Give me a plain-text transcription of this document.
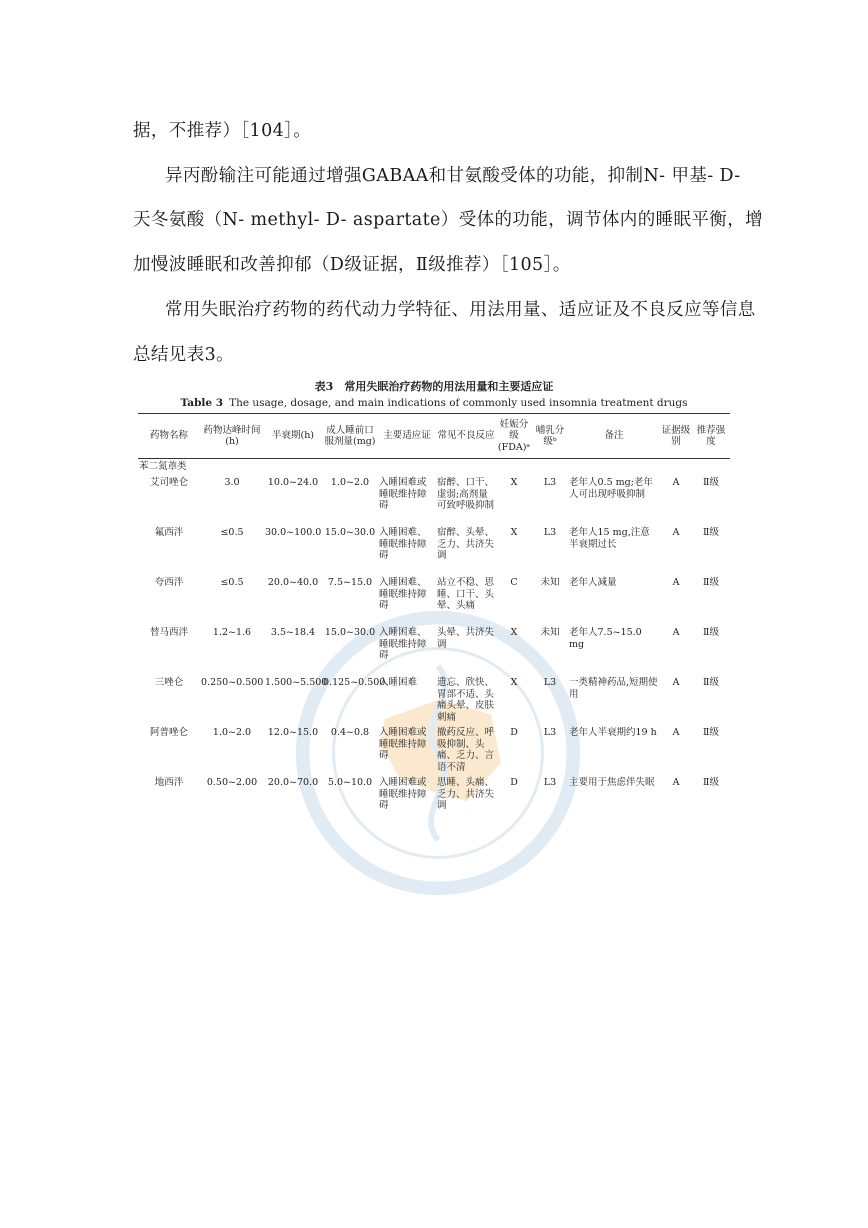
据，不推荐）［104］。
异丙酚输注可能通过增强GABAA和甘氨酸受体的功能，抑制N- 甲基- D-
天冬氨酸（N- methyl- D- aspartate）受体的功能，调节体内的睡眠平衡，增
加慢波睡眠和改善抑郁（D级证据，Ⅱ级推荐）［105］。
常用失眠治疗药物的药代动力学特征、用法用量、适应证及不良反应等信息
总结见表3。
表3　常用失眠治疗药物的用法用量和主要适应证
Table 3 The usage, dosage, and main indications of commonly used insomnia treatment drugs
药物名称	药物达峰时间(h)	半衰期(h)	成人睡前口服剂量(mg)	主要适应证	常见不良反应	妊娠分级(FDA)ᵃ	哺乳分级ᵇ	备注	证据级别	推荐强度
苯二氮䓬类										
艾司唑仑	3.0	10.0~24.0	1.0~2.0	入睡困难或睡眠维持障碍	宿醉、口干、虚弱;高剂量可致呼吸抑制	X	L3	老年人0.5 mg;老年人可出现呼吸抑制	A	Ⅱ级
氟西泮	≤0.5	30.0~100.0	15.0~30.0	入睡困难、睡眠维持障碍	宿醉、头晕、乏力、共济失调	X	L3	老年人15 mg,注意半衰期过长	A	Ⅱ级
夸西泮	≤0.5	20.0~40.0	7.5~15.0	入睡困难、睡眠维持障碍	站立不稳、思睡、口干、头晕、头痛	C	未知	老年人减量	A	Ⅱ级
替马西泮	1.2~1.6	3.5~18.4	15.0~30.0	入睡困难、睡眠维持障碍	头晕、共济失调	X	未知	老年人7.5~15.0 mg	A	Ⅱ级
三唑仑	0.250~0.500	1.500~5.500	0.125~0.500	入睡困难	遗忘、欣快、胃部不适、头痛头晕、皮肤刺痛	X	L3	一类精神药品,短期使用	A	Ⅱ级
阿普唑仑	1.0~2.0	12.0~15.0	0.4~0.8	入睡困难或睡眠维持障碍	撤药反应、呼吸抑制、头痛、乏力、言语不清	D	L3	老年人半衰期约19 h	A	Ⅱ级
地西泮	0.50~2.00	20.0~70.0	5.0~10.0	入睡困难或睡眠维持障碍	思睡、头痛、乏力、共济失调	D	L3	主要用于焦虑伴失眠	A	Ⅱ级
